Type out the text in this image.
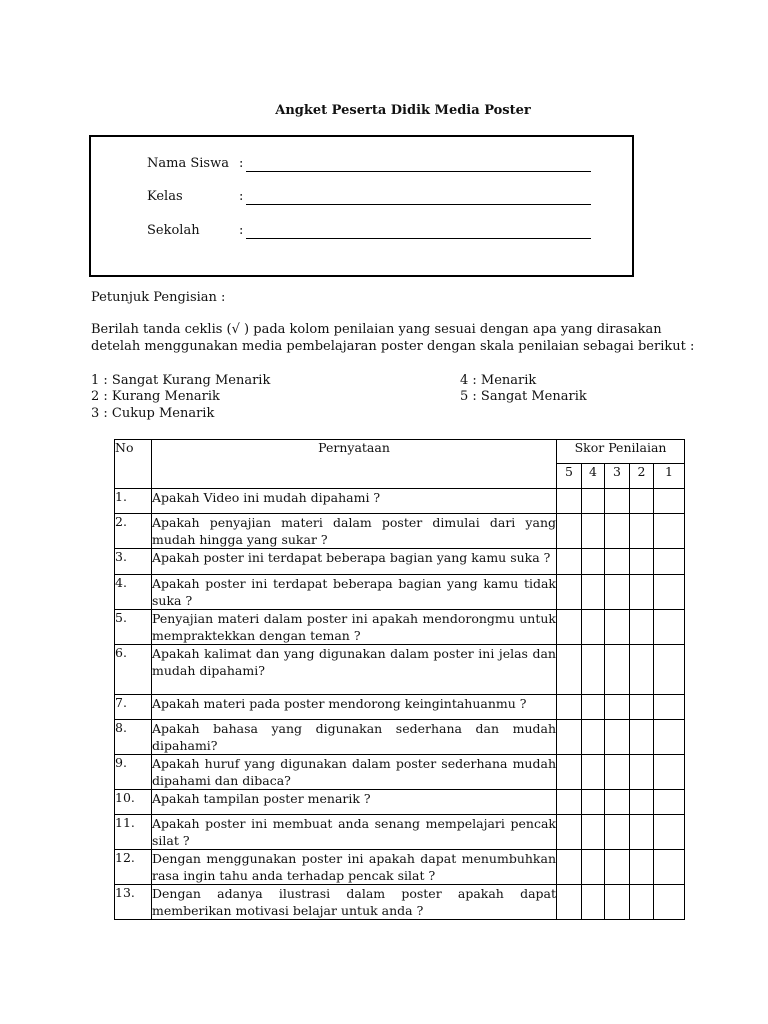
Angket Peserta Didik Media Poster
Nama Siswa :
Kelas	:
Sekolah	:
Petunjuk Pengisian :
Berilah tanda ceklis (√ ) pada kolom penilaian yang sesuai dengan apa yang dirasakan
detelah menggunakan media pembelajaran poster dengan skala penilaian sebagai berikut :
1 : Sangat Kurang Menarik
2 : Kurang Menarik
3 : Cukup Menarik
4 : Menarik
5 : Sangat Menarik
No	Pernyataan	Skor Penilaian				
		5	4	3	2	1
1.	Apakah Video ini mudah dipahami ?					
2.	Apakah penyajian materi dalam poster dimulai dari yang mudah hingga yang sukar ?					
3.	Apakah poster ini terdapat beberapa bagian yang kamu suka ?					
4.	Apakah poster ini terdapat beberapa bagian yang kamu tidak suka ?					
5.	Penyajian materi dalam poster ini apakah mendorongmu untuk mempraktekkan dengan teman ?					
6.	Apakah kalimat dan yang digunakan dalam poster ini jelas dan mudah dipahami?					
7.	Apakah materi pada poster mendorong keingintahuanmu ?					
8.	Apakah bahasa yang digunakan sederhana dan mudah dipahami?					
9.	Apakah huruf yang digunakan dalam poster sederhana mudah dipahami dan dibaca?					
10.	Apakah tampilan poster menarik ?					
11.	Apakah poster ini membuat anda senang mempelajari pencak silat ?					
12.	Dengan menggunakan poster ini apakah dapat menumbuhkan rasa ingin tahu anda terhadap pencak silat ?					
13.	Dengan adanya ilustrasi dalam poster apakah dapat memberikan motivasi belajar untuk anda ?					
